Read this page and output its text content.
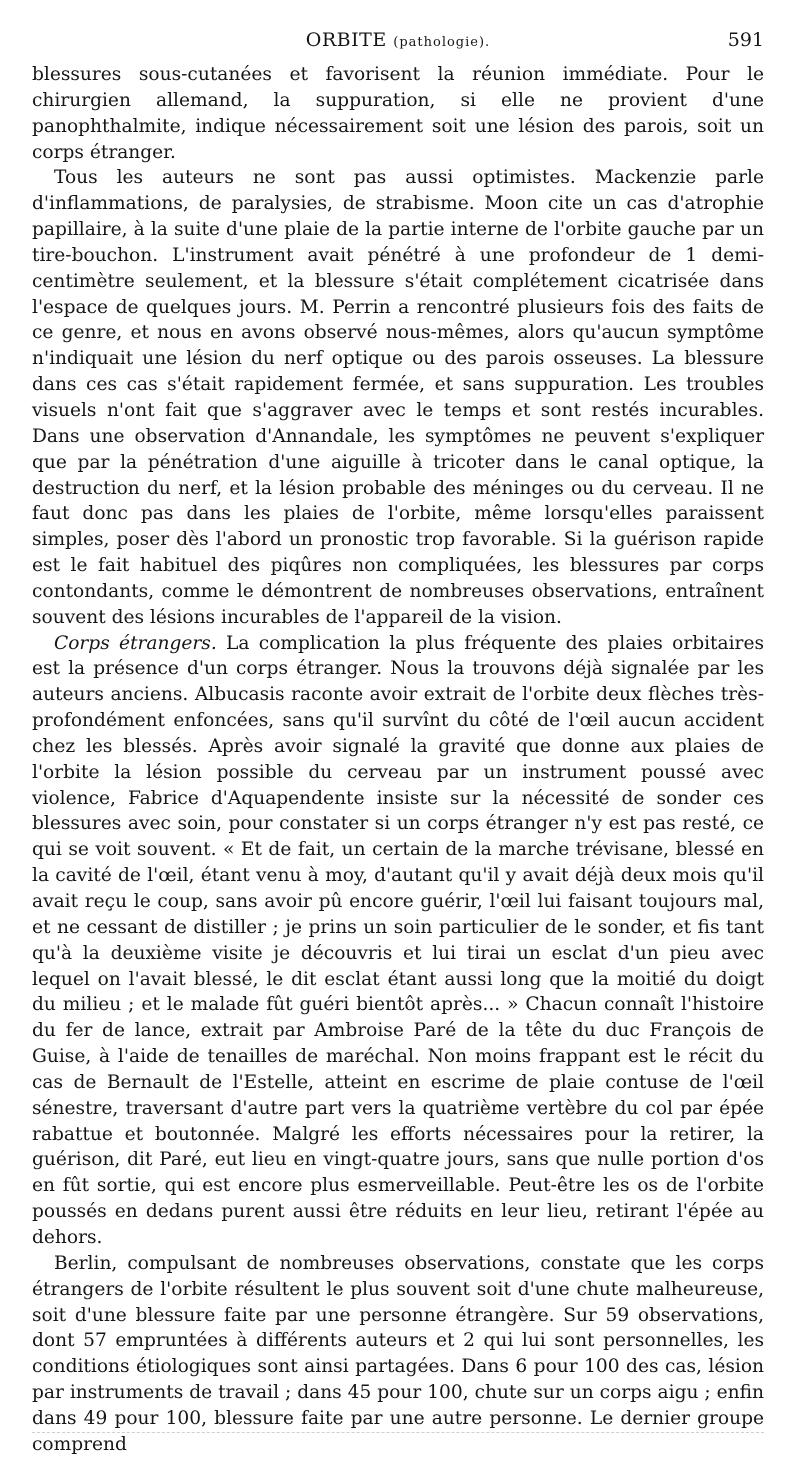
ORBITE (pathologie).	591

blessures sous-cutanées et favorisent la réunion immédiate. Pour le chirurgien allemand, la suppuration, si elle ne provient d'une panophthalmite, indique nécessairement soit une lésion des parois, soit un corps étranger.

Tous les auteurs ne sont pas aussi optimistes. Mackenzie parle d'inflammations, de paralysies, de strabisme. Moon cite un cas d'atrophie papillaire, à la suite d'une plaie de la partie interne de l'orbite gauche par un tire-bouchon. L'instrument avait pénétré à une profondeur de 1 demi-centimètre seulement, et la blessure s'était complétement cicatrisée dans l'espace de quelques jours. M. Perrin a rencontré plusieurs fois des faits de ce genre, et nous en avons observé nous-mêmes, alors qu'aucun symptôme n'indiquait une lésion du nerf optique ou des parois osseuses. La blessure dans ces cas s'était rapidement fermée, et sans suppuration. Les troubles visuels n'ont fait que s'aggraver avec le temps et sont restés incurables. Dans une observation d'Annandale, les symptômes ne peuvent s'expliquer que par la pénétration d'une aiguille à tricoter dans le canal optique, la destruction du nerf, et la lésion probable des méninges ou du cerveau. Il ne faut donc pas dans les plaies de l'orbite, même lorsqu'elles paraissent simples, poser dès l'abord un pronostic trop favorable. Si la guérison rapide est le fait habituel des piqûres non compliquées, les blessures par corps contondants, comme le démontrent de nombreuses observations, entraînent souvent des lésions incurables de l'appareil de la vision.

Corps étrangers. La complication la plus fréquente des plaies orbitaires est la présence d'un corps étranger. Nous la trouvons déjà signalée par les auteurs anciens. Albucasis raconte avoir extrait de l'orbite deux flèches très-profondément enfoncées, sans qu'il survînt du côté de l'œil aucun accident chez les blessés. Après avoir signalé la gravité que donne aux plaies de l'orbite la lésion possible du cerveau par un instrument poussé avec violence, Fabrice d'Aquapendente insiste sur la nécessité de sonder ces blessures avec soin, pour constater si un corps étranger n'y est pas resté, ce qui se voit souvent. « Et de fait, un certain de la marche trévisane, blessé en la cavité de l'œil, étant venu à moy, d'autant qu'il y avait déjà deux mois qu'il avait reçu le coup, sans avoir pû encore guérir, l'œil lui faisant toujours mal, et ne cessant de distiller ; je prins un soin particulier de le sonder, et fis tant qu'à la deuxième visite je découvris et lui tirai un esclat d'un pieu avec lequel on l'avait blessé, le dit esclat étant aussi long que la moitié du doigt du milieu ; et le malade fût guéri bientôt après... » Chacun connaît l'histoire du fer de lance, extrait par Ambroise Paré de la tête du duc François de Guise, à l'aide de tenailles de maréchal. Non moins frappant est le récit du cas de Bernault de l'Estelle, atteint en escrime de plaie contuse de l'œil sénestre, traversant d'autre part vers la quatrième vertèbre du col par épée rabattue et boutonnée. Malgré les efforts nécessaires pour la retirer, la guérison, dit Paré, eut lieu en vingt-quatre jours, sans que nulle portion d'os en fût sortie, qui est encore plus esmerveillable. Peut-être les os de l'orbite poussés en dedans purent aussi être réduits en leur lieu, retirant l'épée au dehors.

Berlin, compulsant de nombreuses observations, constate que les corps étrangers de l'orbite résultent le plus souvent soit d'une chute malheureuse, soit d'une blessure faite par une personne étrangère. Sur 59 observations, dont 57 empruntées à différents auteurs et 2 qui lui sont personnelles, les conditions étiologiques sont ainsi partagées. Dans 6 pour 100 des cas, lésion par instruments de travail ; dans 45 pour 100, chute sur un corps aigu ; enfin dans 49 pour 100, blessure faite par une autre personne. Le dernier groupe comprend
